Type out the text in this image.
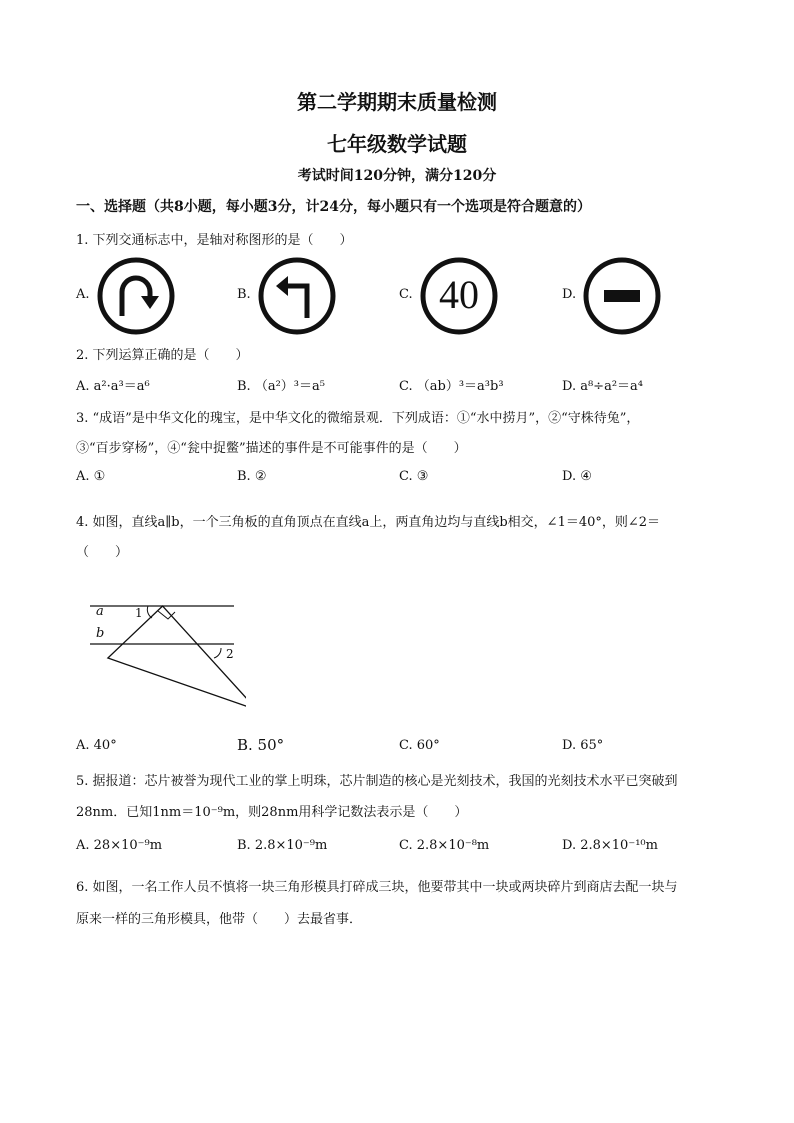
第二学期期末质量检测
七年级数学试题
考试时间120分钟，满分120分
一、选择题（共8小题，每小题3分，计24分，每小题只有一个选项是符合题意的）
1. 下列交通标志中，是轴对称图形的是（　　）
A.	B.	C. 40	D.
2. 下列运算正确的是（　　）
A. a²·a³＝a⁶	B. （a²）³＝a⁵	C. （ab）³＝a³b³	D. a⁸÷a²＝a⁴
3. “成语”是中华文化的瑰宝，是中华文化的微缩景观．下列成语：①“水中捞月”，②“守株待兔”，
③“百步穿杨”，④“瓮中捉鳖”描述的事件是不可能事件的是（　　）
A. ①	B. ②	C. ③	D. ④
4. 如图，直线a∥b，一个三角板的直角顶点在直线a上，两直角边均与直线b相交，∠1＝40°，则∠2＝
（　　）
a
b
1
2
A. 40°	B. 50°	C. 60°	D. 65°
5. 据报道：芯片被誉为现代工业的掌上明珠，芯片制造的核心是光刻技术，我国的光刻技术水平已突破到
28nm．已知1nm＝10⁻⁹m，则28nm用科学记数法表示是（　　）
A. 28×10⁻⁹m	B. 2.8×10⁻⁹m	C. 2.8×10⁻⁸m	D. 2.8×10⁻¹⁰m
6. 如图，一名工作人员不慎将一块三角形模具打碎成三块，他要带其中一块或两块碎片到商店去配一块与
原来一样的三角形模具，他带（　　）去最省事．
